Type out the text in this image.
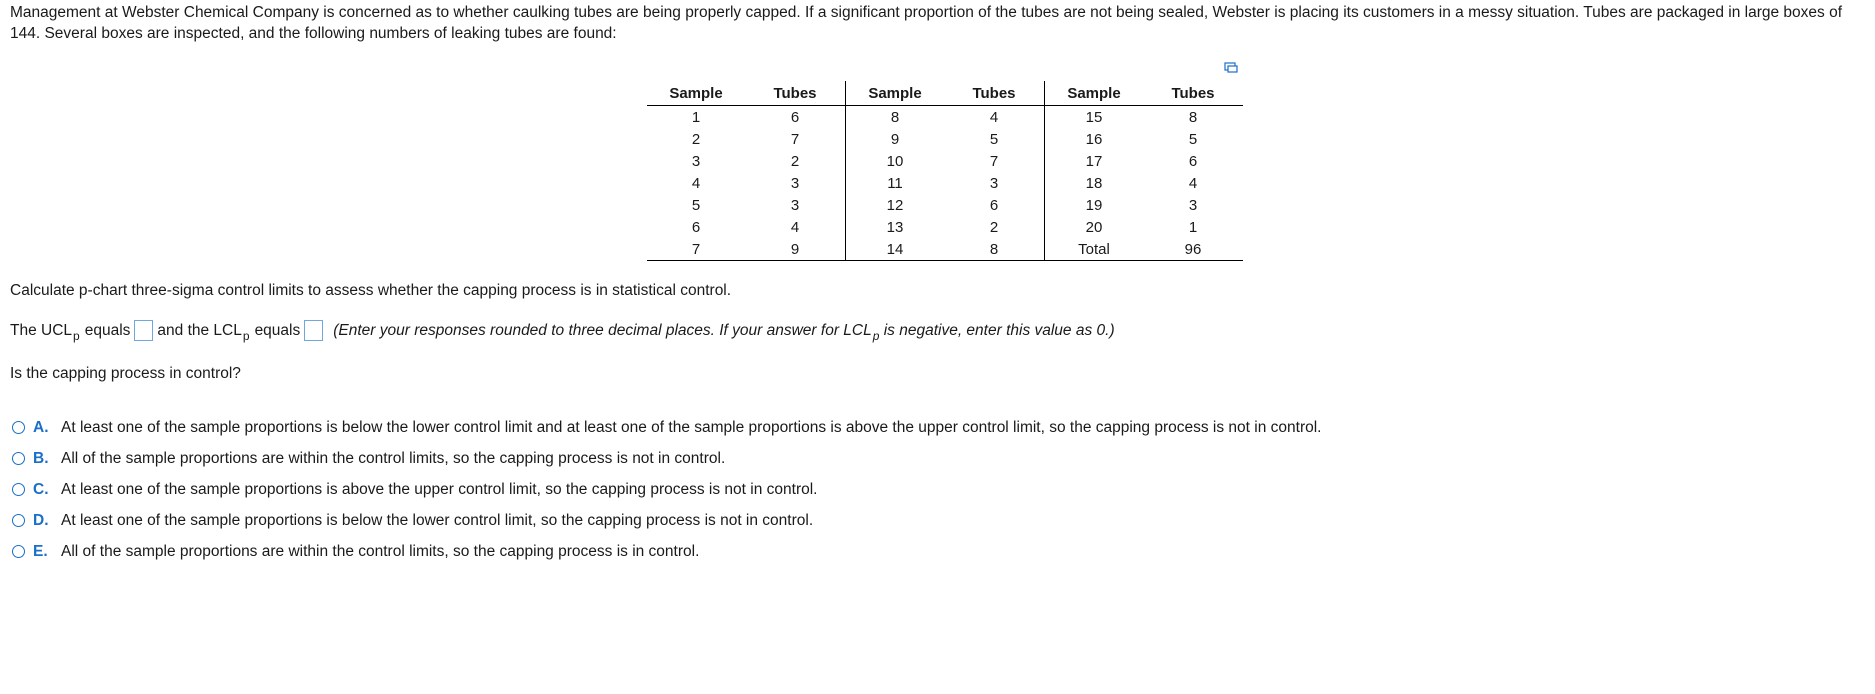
Management at Webster Chemical Company is concerned as to whether caulking tubes are being properly capped. If a significant proportion of the tubes are not being sealed, Webster is placing its customers in a messy situation. Tubes are packaged in large boxes of 144. Several boxes are inspected, and the following numbers of leaking tubes are found:
Sample	Tubes	Sample	Tubes	Sample	Tubes
1	6	8	4	15	8
2	7	9	5	16	5
3	2	10	7	17	6
4	3	11	3	18	4
5	3	12	6	19	3
6	4	13	2	20	1
7	9	14	8	Total	96
Calculate p-chart three-sigma control limits to assess whether the capping process is in statistical control.
The $UCL_p$ equals and the $LCL_p$ equals (Enter your responses rounded to three decimal places. If your answer for $LCL_p$ is negative, enter this value as 0.)
Is the capping process in control?
A. At least one of the sample proportions is below the lower control limit and at least one of the sample proportions is above the upper control limit, so the capping process is not in control.
B. All of the sample proportions are within the control limits, so the capping process is not in control.
C. At least one of the sample proportions is above the upper control limit, so the capping process is not in control.
D. At least one of the sample proportions is below the lower control limit, so the capping process is not in control.
E. All of the sample proportions are within the control limits, so the capping process is in control.
